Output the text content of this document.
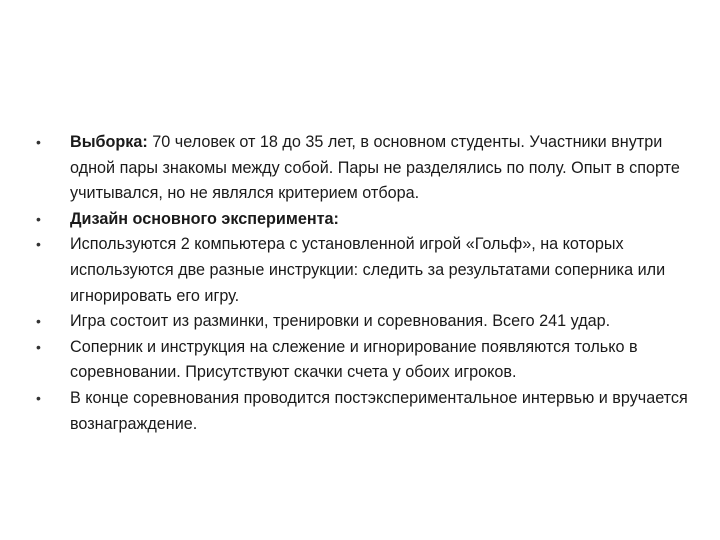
•	Выборка: 70 человек от 18 до 35 лет, в основном студенты. Участники внутри одной пары знакомы между собой. Пары не разделялись по полу. Опыт в спорте учитывался, но не являлся критерием отбора.
•	Дизайн основного эксперимента:
•	Используются 2 компьютера с установленной игрой «Гольф», на которых используются две разные инструкции: следить за результатами соперника или игнорировать его игру.
•	Игра состоит из разминки, тренировки и соревнования. Всего 241 удар.
•	Соперник и инструкция на слежение и игнорирование появляются только в соревновании. Присутствуют скачки счета у обоих игроков.
•	В конце соревнования проводится постэкспериментальное интервью и вручается вознаграждение.
